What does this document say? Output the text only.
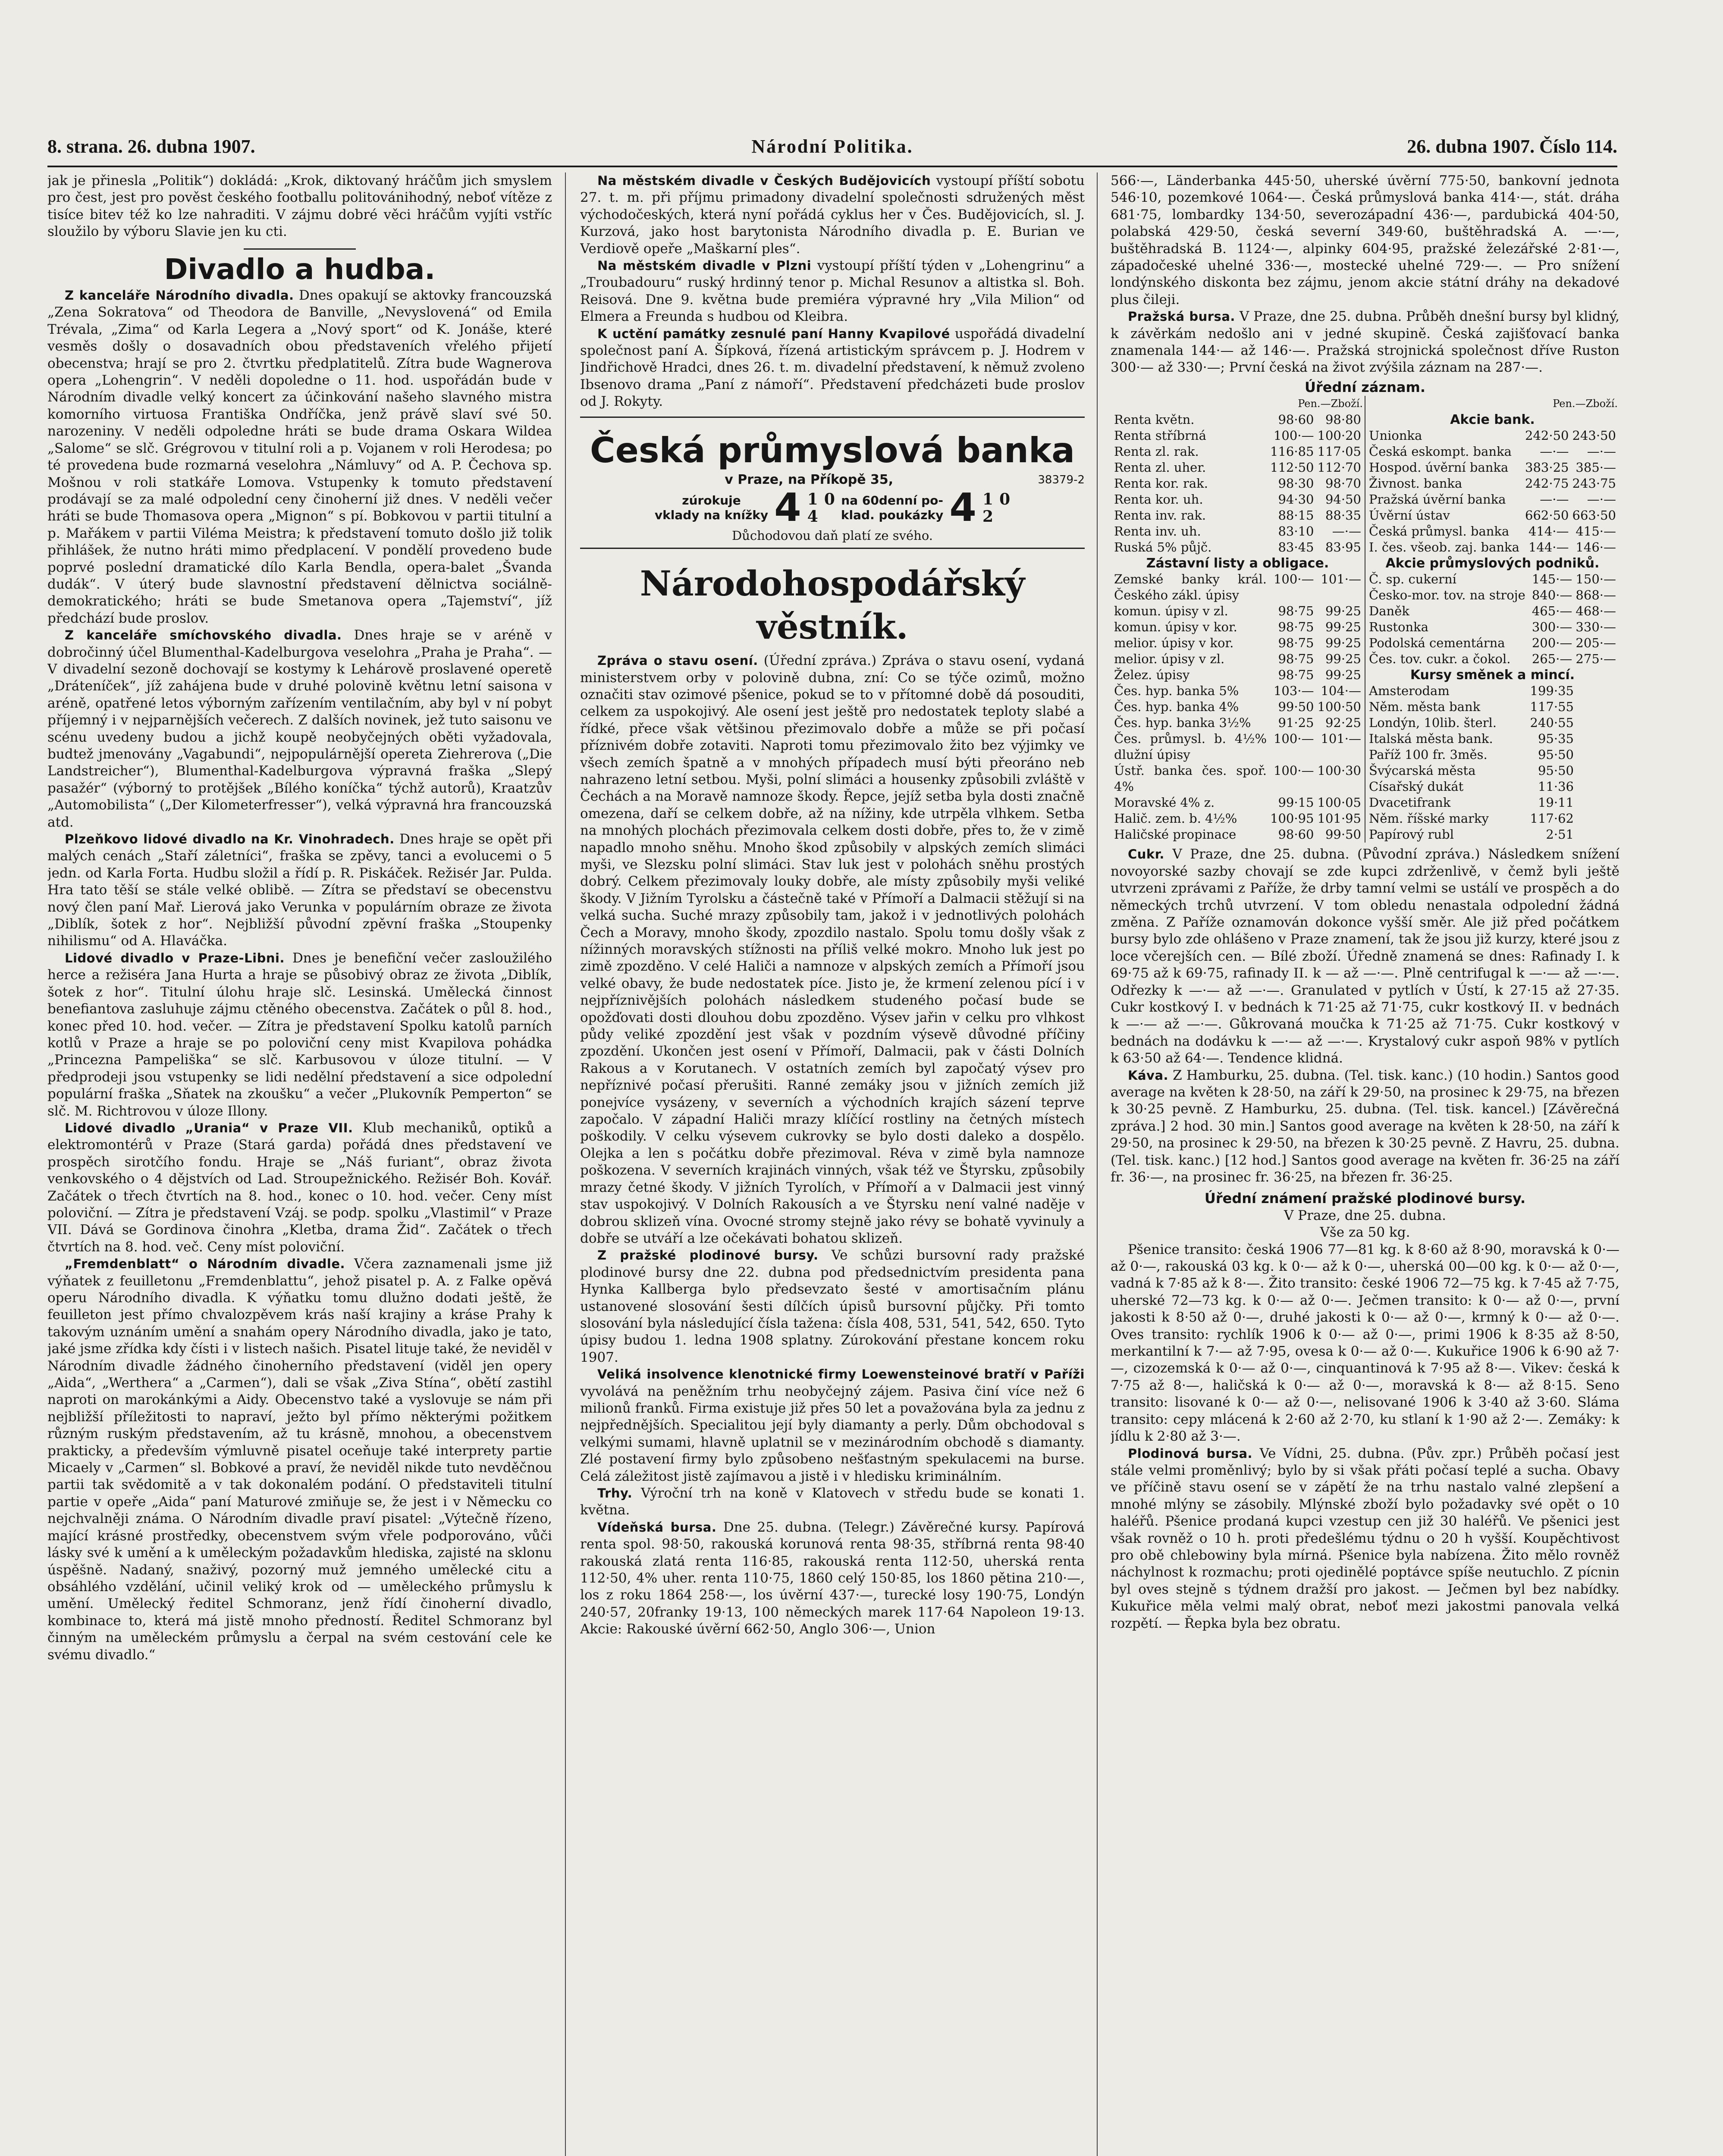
8. strana. 26. dubna 1907.	Národní Politika.	26. dubna 1907. Číslo 114.

jak je přinesla „Politik“) dokládá: „Krok, diktovaný hráčům jich smyslem pro čest, jest pro pověst českého footballu politovánihodný, neboť vítěze z tisíce bitev též ko lze nahraditi. V zájmu dobré věci hráčům vyjíti vstříc sloužilo by výboru Slavie jen ku cti.

Divadlo a hudba.

Z kanceláře Národního divadla. Dnes opakují se aktovky francouzská „Zena Sokratova“ od Theodora de Banville, „Nevyslovená“ od Emila Trévala, „Zima“ od Karla Legera a „Nový sport“ od K. Jonáše, které vesměs došly o dosavadních obou představeních vřelého přijetí obecenstva; hrají se pro 2. čtvrtku předplatitelů. Zítra bude Wagnerova opera „Lohengrin“. V neděli dopoledne o 11. hod. uspořádán bude v Národním divadle velký koncert za účinkování našeho slavného mistra komorního virtuosa Františka Ondříčka, jenž právě slaví své 50. narozeniny. V neděli odpoledne hráti se bude drama Oskara Wildea „Salome“ se slč. Grégrovou v titulní roli a p. Vojanem v roli Herodesa; po té provedena bude rozmarná veselohra „Námluvy“ od A. P. Čechova sp. Mošnou v roli statkáře Lomova. Vstupenky k tomuto představení prodávají se za malé odpolední ceny činoherní již dnes. V neděli večer hráti se bude Thomasova opera „Mignon“ s pí. Bobkovou v partii titulní a p. Mařákem v partii Viléma Meistra; k představení tomuto došlo již tolik přihlášek, že nutno hráti mimo předplacení. V pondělí provedeno bude poprvé poslední dramatické dílo Karla Bendla, opera-balet „Švanda dudák“. V úterý bude slavnostní představení dělnictva sociálně-demokratického; hráti se bude Smetanova opera „Tajemství“, jíž předchází bude proslov.

Z kanceláře smíchovského divadla. Dnes hraje se v aréně v dobročinný účel Blumenthal-Kadelburgova veselohra „Praha je Praha“. — V divadelní sezoně dochovají se kostymy k Lehárově proslavené operetě „Dráteníček“, jíž zahájena bude v druhé polovině květnu letní saisona v aréně, opatřené letos výborným zařízením ventilačním, aby byl v ní pobyt příjemný i v nejparnějších večerech. Z dalších novinek, jež tuto saisonu ve scénu uvedeny budou a jichž koupě neobyčejných oběti vyžadovala, budtež jmenovány „Vagabundi“, nejpopulárnější opereta Ziehrerova („Die Landstreicher“), Blumenthal-Kadelburgova výpravná fraška „Slepý pasažér“ (výborný to protějšek „Bílého koníčka“ týchž autorů), Kraatzův „Automobilista“ („Der Kilometerfresser“), velká výpravná hra francouzská atd.

Plzeňkovo lidové divadlo na Kr. Vinohradech. Dnes hraje se opět při malých cenách „Staří záletníci“, fraška se zpěvy, tanci a evolucemi o 5 jedn. od Karla Forta. Hudbu složil a řídí p. R. Piskáček. Režisér Jar. Pulda. Hra tato těší se stále velké oblibě. — Zítra se představí se obecenstvu nový člen paní Mař. Lierová jako Verunka v populárním obraze ze života „Diblík, šotek z hor“. Nejbližší původní zpěvní fraška „Stoupenky nihilismu“ od A. Hlaváčka.

Lidové divadlo v Praze-Libni. Dnes je benefiční večer zasloužilého herce a režiséra Jana Hurta a hraje se působivý obraz ze života „Diblík, šotek z hor“. Titulní úlohu hraje slč. Lesinská. Umělecká činnost benefiantova zasluhuje zájmu ctěného obecenstva. Začátek o půl 8. hod., konec před 10. hod. večer. — Zítra je představení Spolku katolů parních kotlů v Praze a hraje se po poloviční ceny mist Kvapilova pohádka „Princezna Pampeliška“ se slč. Karbusovou v úloze titulní. — V předprodeji jsou vstupenky se lidi nedělní představení a sice odpolední populární fraška „Sňatek na zkoušku“ a večer „Plukovník Pemperton“ se slč. M. Richtrovou v úloze Illony.

Lidové divadlo „Urania“ v Praze VII. Klub mechaniků, optiků a elektromontérů v Praze (Stará garda) pořádá dnes představení ve prospěch sirotčího fondu. Hraje se „Náš furiant“, obraz života venkovského o 4 dějstvích od Lad. Stroupežnického. Režisér Boh. Kovář. Začátek o třech čtvrtích na 8. hod., konec o 10. hod. večer. Ceny míst poloviční. — Zítra je představení Vzáj. se podp. spolku „Vlastimil“ v Praze VII. Dává se Gordinova činohra „Kletba, drama Žid“. Začátek o třech čtvrtích na 8. hod. več. Ceny míst poloviční.

„Fremdenblatt“ o Národním divadle. Včera zaznamenali jsme již výňatek z feuilletonu „Fremdenblattu“, jehož pisatel p. A. z Falke opěvá operu Národního divadla. K výňatku tomu dlužno dodati ještě, že feuilleton jest přímo chvalozpěvem krás naší krajiny a kráse Prahy k takovým uznáním umění a snahám opery Národního divadla, jako je tato, jaké jsme zřídka kdy čísti i v listech našich. Pisatel lituje také, že neviděl v Národním divadle žádného činoherního představení (viděl jen opery „Aida“, „Werthera“ a „Carmen“), dali se však „Ziva Stína“, obětí zastihl naproti on marokánkými a Aidy. Obecenstvo také a vyslovuje se nám při nejbližší příležitosti to napraví, ježto byl přímo některými požitkem různým ruským představením, až tu krásně, mnohou, a obecenstvem prakticky, a především výmluvně pisatel oceňuje také interprety partie Micaely v „Carmen“ sl. Bobkové a praví, že neviděl nikde tuto nevděčnou partii tak svědomitě a v tak dokonalém podání. O představiteli titulní partie v opeře „Aida“ paní Maturové zmiňuje se, že jest i v Německu co nejchvalněji známa. O Národním divadle praví pisatel: „Výtečně řízeno, mající krásné prostředky, obecenstvem svým vřele podporováno, vůči lásky své k umění a k uměleckým požadavkům hlediska, zajisté na sklonu úspěšně. Nadaný, snaživý, pozorný muž jemného umělecké citu a obsáhlého vzdělání, učinil veliký krok od — uměleckého průmyslu k umění. Umělecký ředitel Schmoranz, jenž řídí činoherní divadlo, kombinace to, která má jistě mnoho předností. Ředitel Schmoranz byl činným na uměleckém průmyslu a čerpal na svém cestování cele ke svému divadlo.“

Na městském divadle v Českých Budějovicích vystoupí příští sobotu 27. t. m. při příjmu primadony divadelní společnosti sdružených měst východočeských, která nyní pořádá cyklus her v Čes. Budějovicích, sl. J. Kurzová, jako host barytonista Národního divadla p. E. Burian ve Verdiově opeře „Maškarní ples“.

Na městském divadle v Plzni vystoupí příští týden v „Lohengrinu“ a „Troubadouru“ ruský hrdinný tenor p. Michal Resunov a altistka sl. Boh. Reisová. Dne 9. května bude premiéra výpravné hry „Vila Milion“ od Elmera a Freunda s hudbou od Kleibra.

K uctění památky zesnulé paní Hanny Kvapilové uspořádá divadelní společnost paní A. Šípková, řízená artistickým správcem p. J. Hodrem v Jindřichově Hradci, dnes 26. t. m. divadelní představení, k němuž zvoleno Ibsenovo drama „Paní z námoří“. Představení předcházeti bude proslov od J. Rokyty.

Česká průmyslová banka
v Praze, na Příkopě 35,	38379-2
zúrokuje
vklady na knížky 4 1
4
0
na 60denní po-
klad. poukázky 4 1
2
0

Důchodovou daň platí ze svého.
Národohospodářský věstník.

Zpráva o stavu osení. (Úřední zpráva.) Zpráva o stavu osení, vydaná ministerstvem orby v polovině dubna, zní: Co se týče ozimů, možno označiti stav ozimové pšenice, pokud se to v přítomné době dá posouditi, celkem za uspokojivý. Ale osení jest ještě pro nedostatek teploty slabé a řídké, přece však většinou přezimovalo dobře a může se při počasí příznivém dobře zotaviti. Naproti tomu přezimovalo žito bez výjimky ve všech zemích špatně a v mnohých případech musí býti přeoráno neb nahrazeno letní setbou. Myši, polní slimáci a housenky způsobili zvláště v Čechách a na Moravě namnoze škody. Řepce, jejíž setba byla dosti značně omezena, daří se celkem dobře, až na nížiny, kde utrpěla vlhkem. Setba na mnohých plochách přezimovala celkem dosti dobře, přes to, že v zimě napadlo mnoho sněhu. Mnoho škod způsobily v alpských zemích slimáci myši, ve Slezsku polní slimáci. Stav luk jest v polohách sněhu prostých dobrý. Celkem přezimovaly louky dobře, ale místy způsobily myši veliké škody. V Jižním Tyrolsku a částečně také v Přímoří a Dalmacii stěžují si na velká sucha. Suché mrazy způsobily tam, jakož i v jednotlivých polohách Čech a Moravy, mnoho škody, zpozdilo nastalo. Spolu tomu došly však z nížinných moravských stížnosti na příliš velké mokro. Mnoho luk jest po zimě zpozděno. V celé Haliči a namnoze v alpských zemích a Přímoří jsou velké obavy, že bude nedostatek píce. Jisto je, že krmení zelenou pící i v nejpříznivějších polohách následkem studeného počasí bude se opožďovati dosti dlouhou dobu zpozděno. Výsev jařin v celku pro vlhkost půdy veliké zpozdění jest však v pozdním výsevě důvodné příčiny zpozdění. Ukončen jest osení v Přímoří, Dalmacii, pak v části Dolních Rakous a v Korutanech. V ostatních zemích byl započatý výsev pro nepříznivé počasí přerušiti. Ranné zemáky jsou v jižních zemích již ponejvíce vysázeny, v severních a východních krajích sázení teprve započalo. V západní Haliči mrazy klíčící rostliny na četných místech poškodily. V celku výsevem cukrovky se bylo dosti daleko a dospělo. Olejka a len s počátku dobře přezimoval. Réva v zimě byla namnoze poškozena. V severních krajinách vinných, však též ve Štyrsku, způsobily mrazy četné škody. V jižních Tyrolích, v Přímoří a v Dalmacii jest vinný stav uspokojivý. V Dolních Rakousích a ve Štyrsku není valné naděje v dobrou sklizeň vína. Ovocné stromy stejně jako révy se bohatě vyvinuly a dobře se utváří a lze očekávati bohatou sklizeň.

Z pražské plodinové bursy. Ve schůzi bursovní rady pražské plodinové bursy dne 22. dubna pod předsednictvím presidenta pana Hynka Kallberga bylo předsevzato šesté v amortisačním plánu ustanovené slosování šesti dílčích úpisů bursovní půjčky. Při tomto slosování byla následující čísla tažena: čísla 408, 531, 541, 542, 650. Tyto úpisy budou 1. ledna 1908 splatny. Zúrokování přestane koncem roku 1907.

Veliká insolvence klenotnické firmy Loewensteinové bratří v Paříži vyvolává na peněžním trhu neobyčejný zájem. Pasiva činí více než 6 milionů franků. Firma existuje již přes 50 let a považována byla za jednu z nejpřednějších. Specialitou její byly diamanty a perly. Dům obchodoval s velkými sumami, hlavně uplatnil se v mezinárodním obchodě s diamanty. Zlé postavení firmy bylo způsobeno nešťastným spekulacemi na burse. Celá záležitost jistě zajímavou a jistě i v hledisku kriminálním.

Trhy. Výroční trh na koně v Klatovech v středu bude se konati 1. května.

Vídeňská bursa. Dne 25. dubna. (Telegr.) Závěrečné kursy. Papírová renta spol. 98·50, rakouská korunová renta 98·35, stříbrná renta 98·40 rakouská zlatá renta 116·85, rakouská renta 112·50, uherská renta 112·50, 4% uher. renta 110·75, 1860 celý 150·85, los 1860 pětina 210·—, los z roku 1864 258·—, los úvěrní 437·—, turecké losy 190·75, Londýn 240·57, 20franky 19·13, 100 německých marek 117·64 Napoleon 19·13. Akcie: Rakouské úvěrní 662·50, Anglo 306·—, Union

566·—, Länderbanka 445·50, uherské úvěrní 775·50, bankovní jednota 546·10, pozemkové 1064·—. Česká průmyslová banka 414·—, stát. dráha 681·75, lombardky 134·50, severozápadní 436·—, pardubická 404·50, polabská 429·50, česká severní 349·60, buštěhradská A. —·—, buštěhradská B. 1124·—, alpinky 604·95, pražské železářské 2·81·—, západočeské uhelné 336·—, mostecké uhelné 729·—. — Pro snížení londýnského diskonta bez zájmu, jenom akcie státní dráhy na dekadové plus čileji.

Pražská bursa. V Praze, dne 25. dubna. Průběh dnešní bursy byl klidný, k závěrkám nedošlo ani v jedné skupině. Česká zajišťovací banka znamenala 144·— až 146·—. Pražská strojnická společnost dříve Ruston 300·— až 330·—; První česká na život zvýšila záznam na 287·—.

Úřední záznam.
Pen.—Zboží.
Renta květn.	98·60	98·80
Renta stříbrná	100·—	100·20
Renta zl. rak.	116·85	117·05
Renta zl. uher.	112·50	112·70
Renta kor. rak.	98·30	98·70
Renta kor. uh.	94·30	94·50
Renta inv. rak.	88·15	88·35
Renta inv. uh.	83·10	—·—
Ruská 5% půjč.	83·45	83·95
Zástavní listy a obligace.
Zemské banky král. Českého zákl. úpisy	100·—	101·—
komun. úpisy v zl.	98·75	99·25
komun. úpisy v kor.	98·75	99·25
melior. úpisy v kor.	98·75	99·25
melior. úpisy v zl.	98·75	99·25
Želez. úpisy	98·75	99·25
Čes. hyp. banka 5%	103·—	104·—
Čes. hyp. banka 4%	99·50	100·50
Čes. hyp. banka 3½%	91·25	92·25
Čes. průmysl. b. 4½% dlužní úpisy	100·—	101·—
Ústř. banka čes. spoř. 4%	100·—	100·30
Moravské 4% z.	99·15	100·05
Halič. zem. b. 4½%	100·95	101·95
Haličské propinace	98·60	99·50

Pen.—Zboží.
Akcie bank.
Unionka	242·50	243·50
Česká eskompt. banka	—·—	—·—
Hospod. úvěrní banka	383·25	385·—
Živnost. banka	242·75	243·75
Pražská úvěrní banka	—·—	—·—
Úvěrní ústav	662·50	663·50
Česká průmysl. banka	414·—	415·—
I. čes. všeob. zaj. banka	144·—	146·—
Akcie průmyslových podniků.
Č. sp. cukerní	145·—	150·—
Česko-mor. tov. na stroje	840·—	868·—
Daněk	465·—	468·—
Rustonka	300·—	330·—
Podolská cementárna	200·—	205·—
Čes. tov. cukr. a čokol.	265·—	275·—
Kursy směnek a mincí.
Amsterodam	199·35	
Něm. města bank	117·55	
Londýn, 10lib. šterl.	240·55	
Italská města bank.	95·35	
Paříž 100 fr. 3měs.	95·50	
Švýcarská města	95·50	
Císařský dukát	11·36	
Dvacetifrank	19·11	
Něm. říšské marky	117·62	
Papírový rubl	2·51	

Cukr. V Praze, dne 25. dubna. (Původní zpráva.) Následkem snížení novoyorské sazby chovají se zde kupci zdrženlivě, v čemž byli ještě utvrzeni zprávami z Paříže, že drby tamní velmi se ustálí ve prospěch a do německých trchů utvrzení. V tom obledu nenastala odpolední žádná změna. Z Paříže oznamován dokonce vyšší směr. Ale již před počátkem bursy bylo zde ohlášeno v Praze znamení, tak že jsou již kurzy, které jsou z loce včerejších cen. — Bílé zboží. Úředně znamená se dnes: Rafinady I. k 69·75 až k 69·75, rafinady II. k — až —·—. Plně centrifugal k —·— až —·—. Odřezky k —·— až —·—. Granulated v pytlích v Ústí, k 27·15 až 27·35. Cukr kostkový I. v bednách k 71·25 až 71·75, cukr kostkový II. v bednách k —·— až —·—. Gůkrovaná moučka k 71·25 až 71·75. Cukr kostkový v bednách na dodávku k —·— až —·—. Krystalový cukr aspoň 98% v pytlích k 63·50 až 64·—. Tendence klidná.

Káva. Z Hamburku, 25. dubna. (Tel. tisk. kanc.) (10 hodin.) Santos good average na květen k 28·50, na září k 29·50, na prosinec k 29·75, na březen k 30·25 pevně. Z Hamburku, 25. dubna. (Tel. tisk. kancel.) [Závěrečná zpráva.] 2 hod. 30 min.] Santos good average na květen k 28·50, na září k 29·50, na prosinec k 29·50, na březen k 30·25 pevně. Z Havru, 25. dubna. (Tel. tisk. kanc.) [12 hod.] Santos good average na květen fr. 36·25 na září fr. 36·—, na prosinec fr. 36·25, na březen fr. 36·25.

Úřední známení pražské plodinové bursy.
V Praze, dne 25. dubna.
Vše za 50 kg.

Pšenice transito: česká 1906 77—81 kg. k 8·60 až 8·90, moravská k 0·— až 0·—, rakouská 03 kg. k 0·— až k 0·—, uherská 00—00 kg. k 0·— až 0·—, vadná k 7·85 až k 8·—. Žito transito: české 1906 72—75 kg. k 7·45 až 7·75, uherské 72—73 kg. k 0·— až 0·—. Ječmen transito: k 0·— až 0·—, první jakosti k 8·50 až 0·—, druhé jakosti k 0·— až 0·—, krmný k 0·— až 0·—. Oves transito: rychlík 1906 k 0·— až 0·—, primi 1906 k 8·35 až 8·50, merkantilní k 7·— až 7·95, ovesa k 0·— až 0·—. Kukuřice 1906 k 6·90 až 7·—, cizozemská k 0·— až 0·—, cinquantinová k 7·95 až 8·—. Vikev: česká k 7·75 až 8·—, haličská k 0·— až 0·—, moravská k 8·— až 8·15. Seno transito: lisované k 0·— až 0·—, nelisované 1906 k 3·40 až 3·60. Sláma transito: cepy mlácená k 2·60 až 2·70, ku stlaní k 1·90 až 2·—. Zemáky: k jídlu k 2·80 až 3·—.

Plodinová bursa. Ve Vídni, 25. dubna. (Pův. zpr.) Průběh počasí jest stále velmi proměnlivý; bylo by si však přáti počasí teplé a sucha. Obavy ve příčině stavu osení se v zápětí že na trhu nastalo valné zlepšení a mnohé mlýny se zásobily. Mlýnské zboží bylo požadavky své opět o 10 haléřů. Pšenice prodaná kupci vzestup cen již 30 haléřů. Ve pšenici jest však rovněž o 10 h. proti předešlému týdnu o 20 h vyšší. Koupěchtivost pro obě chlebowiny byla mírná. Pšenice byla nabízena. Žito mělo rovněž náchylnost k rozmachu; proti ojedinělé poptávce spíše neutuchlo. Z pícnin byl oves stejně s týdnem dražší pro jakost. — Ječmen byl bez nabídky. Kukuřice měla velmi malý obrat, neboť mezi jakostmi panovala velká rozpětí. — Řepka byla bez obratu.
